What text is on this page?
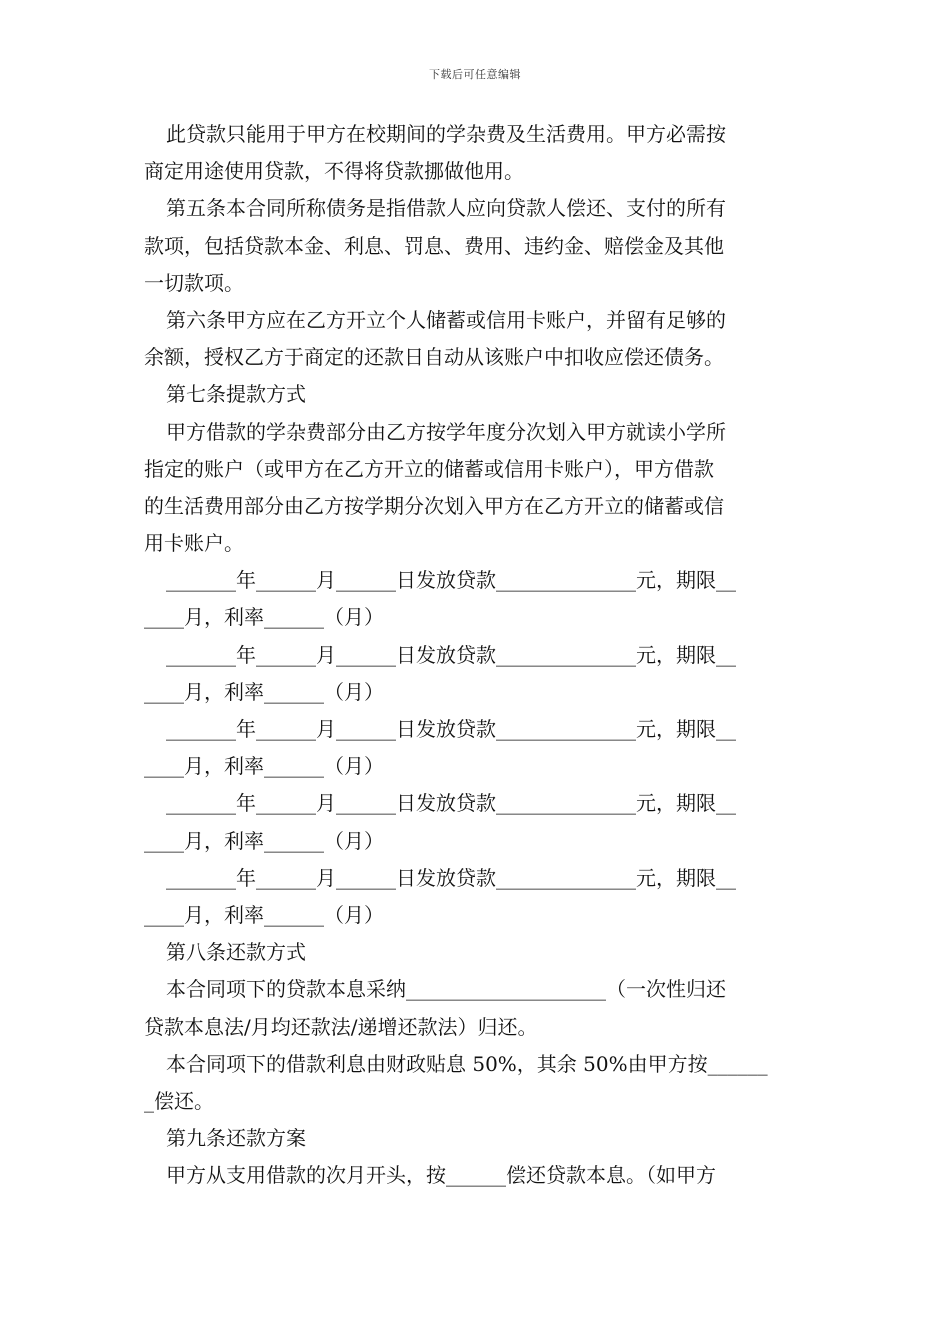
下载后可任意编辑
此贷款只能用于甲方在校期间的学杂费及生活费用。甲方必需按
商定用途使用贷款，不得将贷款挪做他用。
第五条本合同所称债务是指借款人应向贷款人偿还、支付的所有
款项，包括贷款本金、利息、罚息、费用、违约金、赔偿金及其他
一切款项。
第六条甲方应在乙方开立个人储蓄或信用卡账户，并留有足够的
余额，授权乙方于商定的还款日自动从该账户中扣收应偿还债务。
第七条提款方式
甲方借款的学杂费部分由乙方按学年度分次划入甲方就读小学所
指定的账户（或甲方在乙方开立的储蓄或信用卡账户），甲方借款
的生活费用部分由乙方按学期分次划入甲方在乙方开立的储蓄或信
用卡账户。
_______年______月______日发放贷款______________元，期限__
____月，利率______（月）
_______年______月______日发放贷款______________元，期限__
____月，利率______（月）
_______年______月______日发放贷款______________元，期限__
____月，利率______（月）
_______年______月______日发放贷款______________元，期限__
____月，利率______（月）
_______年______月______日发放贷款______________元，期限__
____月，利率______（月）
第八条还款方式
本合同项下的贷款本息采纳____________________（一次性归还
贷款本息法/月均还款法/递增还款法）归还。
本合同项下的借款利息由财政贴息 50%，其余 50%由甲方按______
_偿还。
第九条还款方案
甲方从支用借款的次月开头，按______偿还贷款本息。（如甲方
